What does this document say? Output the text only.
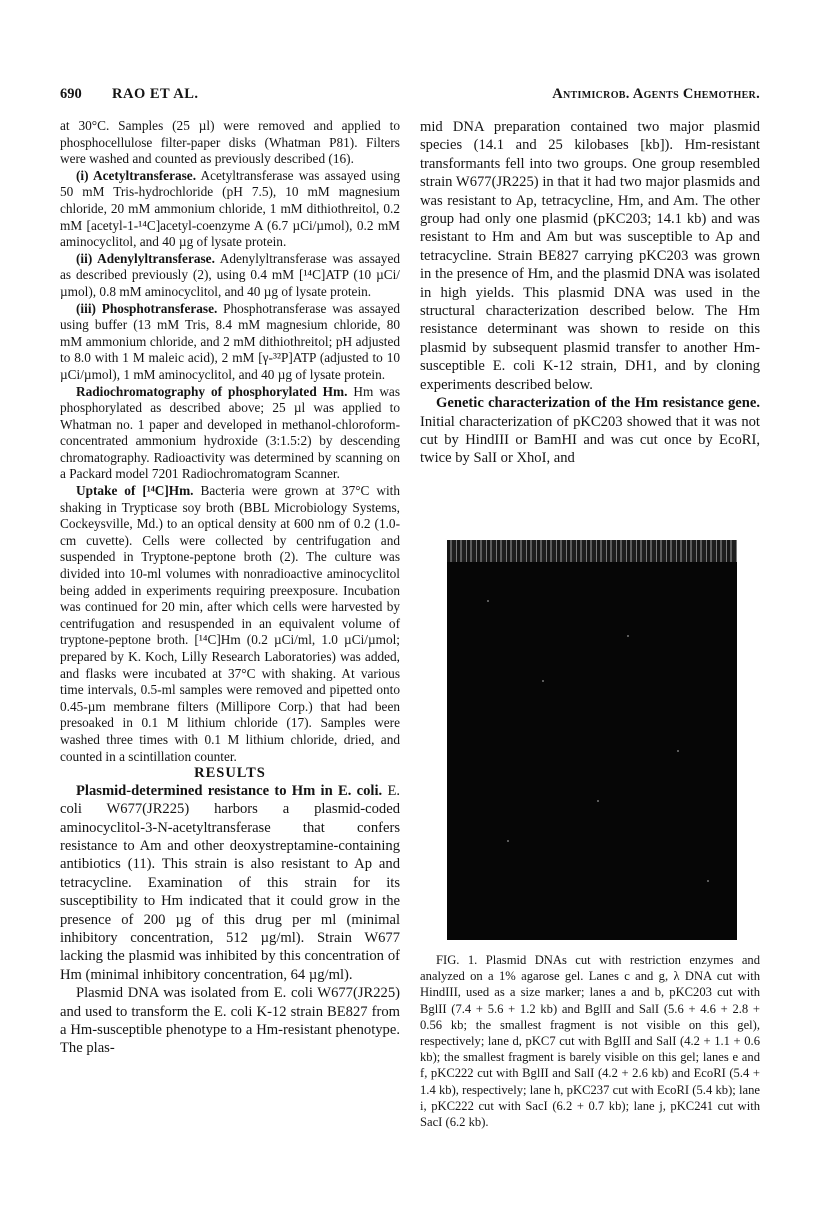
690 RAO ET AL.	Antimicrob. Agents Chemother.

at 30°C. Samples (25 µl) were removed and applied to phosphocellulose filter-paper disks (Whatman P81). Filters were washed and counted as previously described (16).

(i) Acetyltransferase. Acetyltransferase was assayed using 50 mM Tris-hydrochloride (pH 7.5), 10 mM magnesium chloride, 20 mM ammonium chloride, 1 mM dithiothreitol, 0.2 mM [acetyl-1-¹⁴C]acetyl-coenzyme A (6.7 µCi/µmol), 0.2 mM aminocyclitol, and 40 µg of lysate protein.

(ii) Adenylyltransferase. Adenylyltransferase was assayed as described previously (2), using 0.4 mM [¹⁴C]ATP (10 µCi/µmol), 0.8 mM aminocyclitol, and 40 µg of lysate protein.

(iii) Phosphotransferase. Phosphotransferase was assayed using buffer (13 mM Tris, 8.4 mM magnesium chloride, 80 mM ammonium chloride, and 2 mM dithiothreitol; pH adjusted to 8.0 with 1 M maleic acid), 2 mM [γ-³²P]ATP (adjusted to 10 µCi/µmol), 1 mM aminocyclitol, and 40 µg of lysate protein.

Radiochromatography of phosphorylated Hm. Hm was phosphorylated as described above; 25 µl was applied to Whatman no. 1 paper and developed in methanol-chloroform-concentrated ammonium hydroxide (3:1.5:2) by descending chromatography. Radioactivity was determined by scanning on a Packard model 7201 Radiochromatogram Scanner.

Uptake of [¹⁴C]Hm. Bacteria were grown at 37°C with shaking in Trypticase soy broth (BBL Microbiology Systems, Cockeysville, Md.) to an optical density at 600 nm of 0.2 (1.0-cm cuvette). Cells were collected by centrifugation and suspended in Tryptone-peptone broth (2). The culture was divided into 10-ml volumes with nonradioactive aminocyclitol being added in experiments requiring preexposure. Incubation was continued for 20 min, after which cells were harvested by centrifugation and resuspended in an equivalent volume of tryptone-peptone broth. [¹⁴C]Hm (0.2 µCi/ml, 1.0 µCi/µmol; prepared by K. Koch, Lilly Research Laboratories) was added, and flasks were incubated at 37°C with shaking. At various time intervals, 0.5-ml samples were removed and pipetted onto 0.45-µm membrane filters (Millipore Corp.) that had been presoaked in 0.1 M lithium chloride (17). Samples were washed three times with 0.1 M lithium chloride, dried, and counted in a scintillation counter.

RESULTS

Plasmid-determined resistance to Hm in E. coli. E. coli W677(JR225) harbors a plasmid-coded aminocyclitol-3-N-acetyltransferase that confers resistance to Am and other deoxystreptamine-containing antibiotics (11). This strain is also resistant to Ap and tetracycline. Examination of this strain for its susceptibility to Hm indicated that it could grow in the presence of 200 µg of this drug per ml (minimal inhibitory concentration, 512 µg/ml). Strain W677 lacking the plasmid was inhibited by this concentration of Hm (minimal inhibitory concentration, 64 µg/ml).

Plasmid DNA was isolated from E. coli W677(JR225) and used to transform the E. coli K-12 strain BE827 from a Hm-susceptible phenotype to a Hm-resistant phenotype. The plas-

mid DNA preparation contained two major plasmid species (14.1 and 25 kilobases [kb]). Hm-resistant transformants fell into two groups. One group resembled strain W677(JR225) in that it had two major plasmids and was resistant to Ap, tetracycline, Hm, and Am. The other group had only one plasmid (pKC203; 14.1 kb) and was resistant to Hm and Am but was susceptible to Ap and tetracycline. Strain BE827 carrying pKC203 was grown in the presence of Hm, and the plasmid DNA was isolated in high yields. This plasmid DNA was used in the structural characterization described below. The Hm resistance determinant was shown to reside on this plasmid by subsequent plasmid transfer to another Hm-susceptible E. coli K-12 strain, DH1, and by cloning experiments described below.

Genetic characterization of the Hm resistance gene. Initial characterization of pKC203 showed that it was not cut by HindIII or BamHI and was cut once by EcoRI, twice by SalI or XhoI, and

FIG. 1. Plasmid DNAs cut with restriction enzymes and analyzed on a 1% agarose gel. Lanes c and g, λ DNA cut with HindIII, used as a size marker; lanes a and b, pKC203 cut with BglII (7.4 + 5.6 + 1.2 kb) and BglII and SalI (5.6 + 4.6 + 2.8 + 0.56 kb; the smallest fragment is not visible on this gel), respectively; lane d, pKC7 cut with BglII and SalI (4.2 + 1.1 + 0.6 kb); the smallest fragment is barely visible on this gel; lanes e and f, pKC222 cut with BglII and SalI (4.2 + 2.6 kb) and EcoRI (5.4 + 1.4 kb), respectively; lane h, pKC237 cut with EcoRI (5.4 kb); lane i, pKC222 cut with SacI (6.2 + 0.7 kb); lane j, pKC241 cut with SacI (6.2 kb).
